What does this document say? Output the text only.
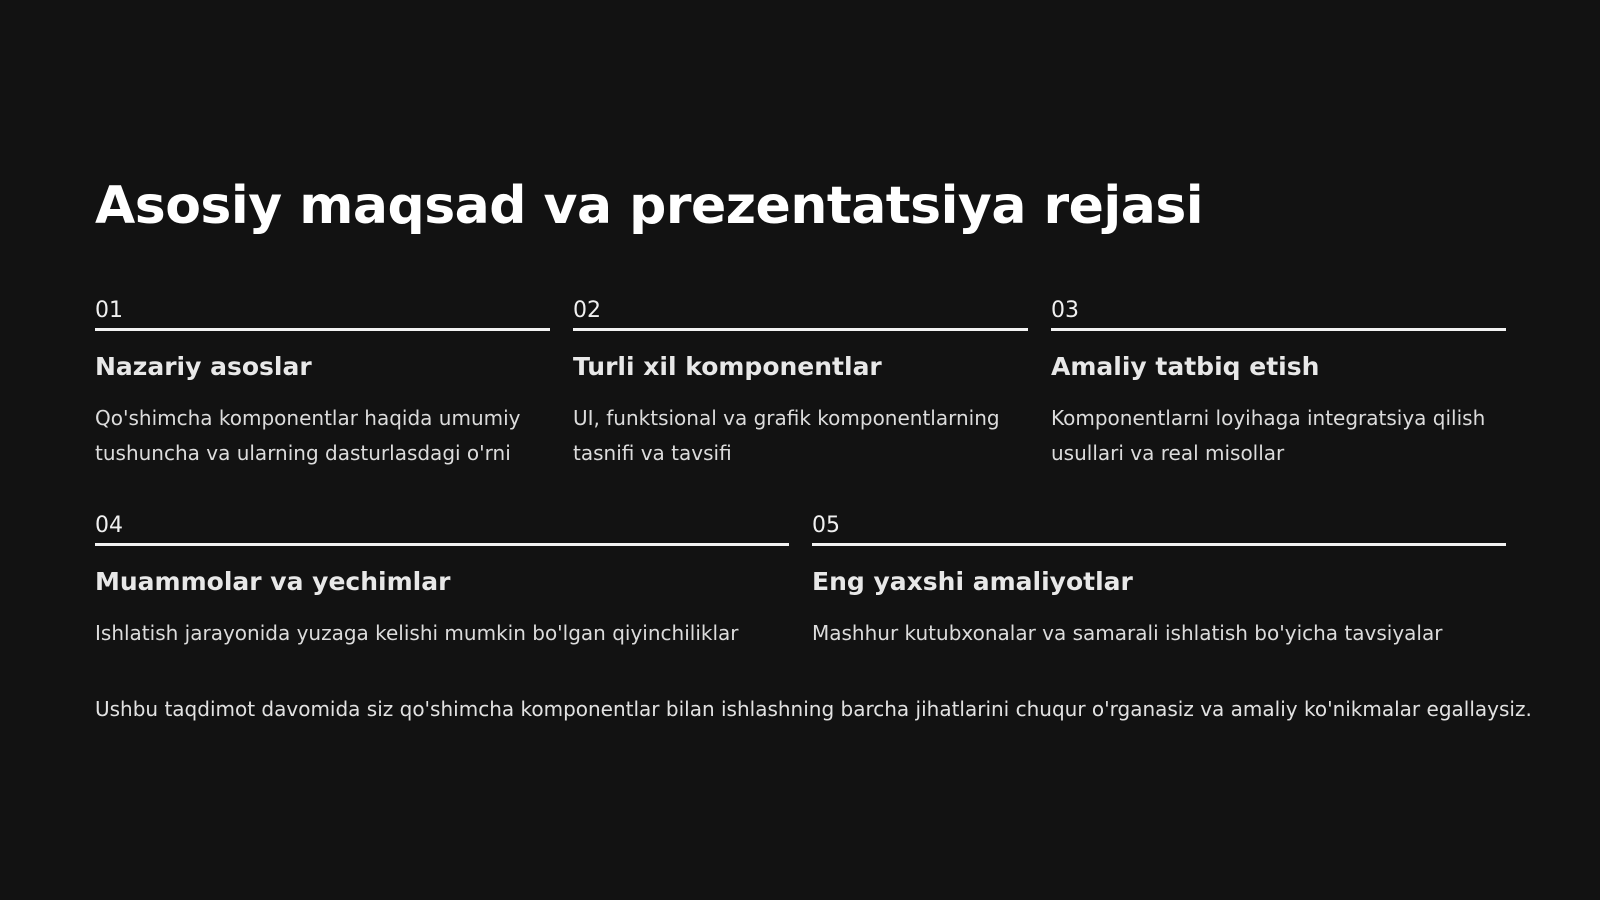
Asosiy maqsad va prezentatsiya rejasi
01
Nazariy asoslar
Qo'shimcha komponentlar haqida umumiy tushuncha va ularning dasturlasdagi o'rni
02
Turli xil komponentlar
UI, funktsional va grafik komponentlarning tasnifi va tavsifi
03
Amaliy tatbiq etish
Komponentlarni loyihaga integratsiya qilish usullari va real misollar
04
Muammolar va yechimlar
Ishlatish jarayonida yuzaga kelishi mumkin bo'lgan qiyinchiliklar
05
Eng yaxshi amaliyotlar
Mashhur kutubxonalar va samarali ishlatish bo'yicha tavsiyalar

Ushbu taqdimot davomida siz qo'shimcha komponentlar bilan ishlashning barcha jihatlarini chuqur o'rganasiz va amaliy ko'nikmalar egallaysiz.
